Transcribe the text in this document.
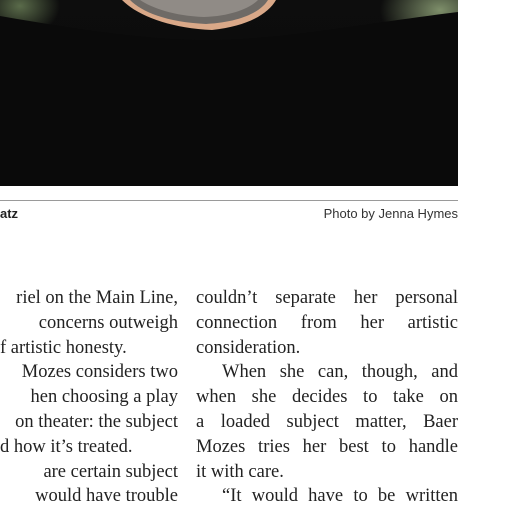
atz	Photo by Jenna Hymes
riel on the Main Line,
concerns outweigh
f artistic honesty.
Mozes considers two
hen choosing a play
on theater: the subject
d how it’s treated.
are certain subject
would have trouble
couldn’t separate her personal
connection from her artistic
consideration.
When she can, though, and
when she decides to take on
a loaded subject matter, Baer
Mozes tries her best to handle
it with care.
“It would have to be written
